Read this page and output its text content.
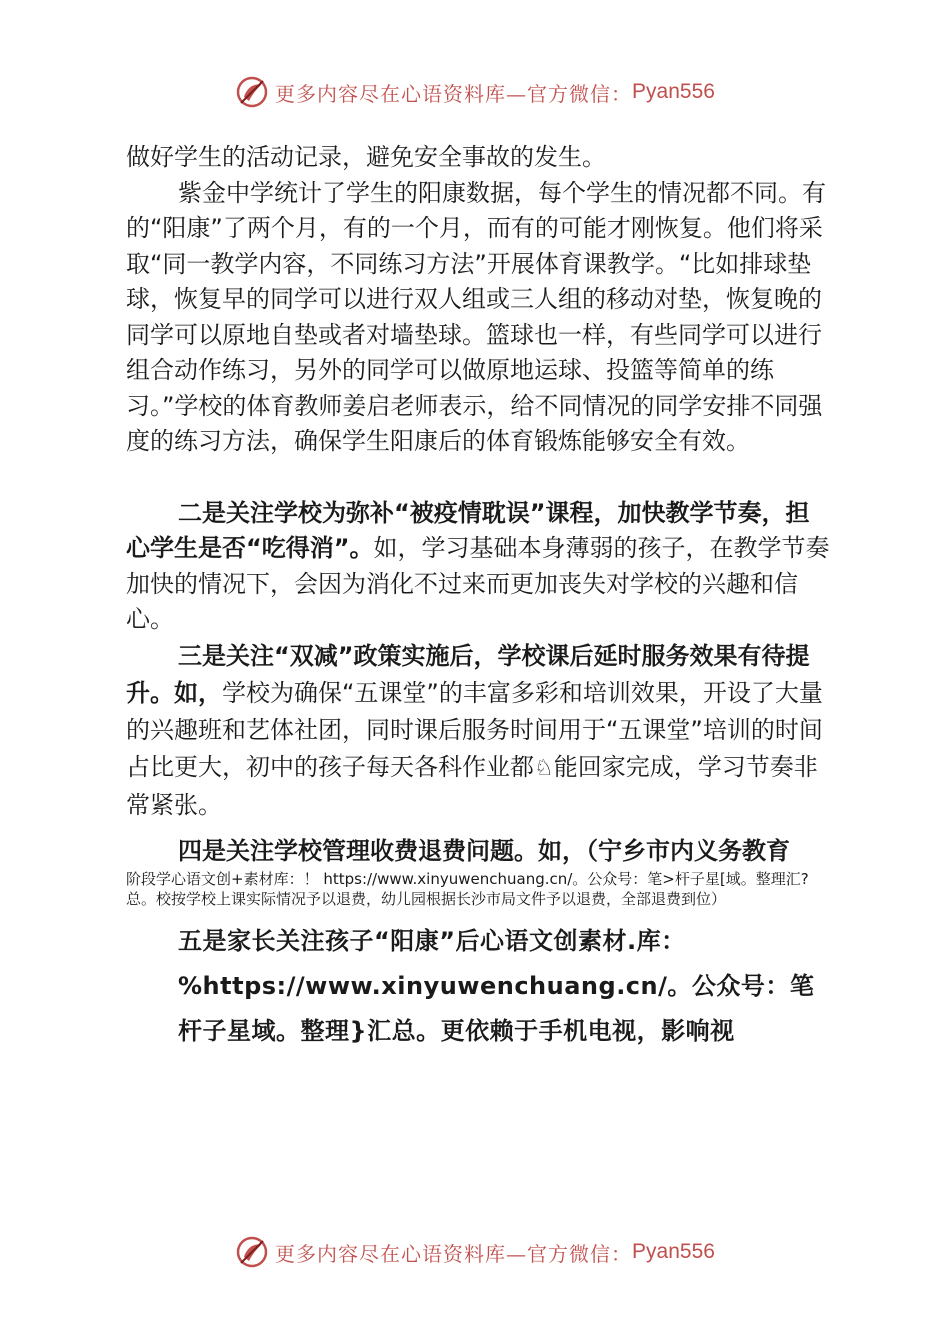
更多内容尽在心语资料库—官方微信： Pyan556

做好学生的活动记录，避免安全事故的发生。

紫金中学统计了学生的阳康数据，每个学生的情况都不同。有的“阳康”了两个月，有的一个月，而有的可能才刚恢复。他们将采取“同一教学内容，不同练习方法”开展体育课教学。“比如排球垫球，恢复早的同学可以进行双人组或三人组的移动对垫，恢复晚的同学可以原地自垫或者对墙垫球。篮球也一样，有些同学可以进行组合动作练习，另外的同学可以做原地运球、投篮等简单的练习。”学校的体育教师姜启老师表示，给不同情况的同学安排不同强度的练习方法，确保学生阳康后的体育锻炼能够安全有效。

二是关注学校为弥补“被疫情耽误”课程，加快教学节奏，担心学生是否“吃得消”。如，学习基础本身薄弱的孩子，在教学节奏加快的情况下，会因为消化不过来而更加丧失对学校的兴趣和信心。

三是关注“双减”政策实施后，学校课后延时服务效果有待提升。如，学校为确保“五课堂”的丰富多彩和培训效果，开设了大量的兴趣班和艺体社团，同时课后服务时间用于“五课堂”培训的时间占比更大，初中的孩子每天各科作业都♘能回家完成，学习节奏非常紧张。

四是关注学校管理收费退费问题。如，（宁乡市内义务教育

阶段学心语文创+素材库：！ https://www.xinyuwenchuang.cn/。公众号：笔>杆子星[域。整理汇?总。校按学校上课实际情况予以退费，幼儿园根据长沙市局文件予以退费，全部退费到位）

五是家长关注孩子“阳康”后心语文创素材.库：%https://www.xinyuwenchuang.cn/。公众号：笔杆子星域。整理}汇总。更依赖于手机电视，影响视

更多内容尽在心语资料库—官方微信： Pyan556
